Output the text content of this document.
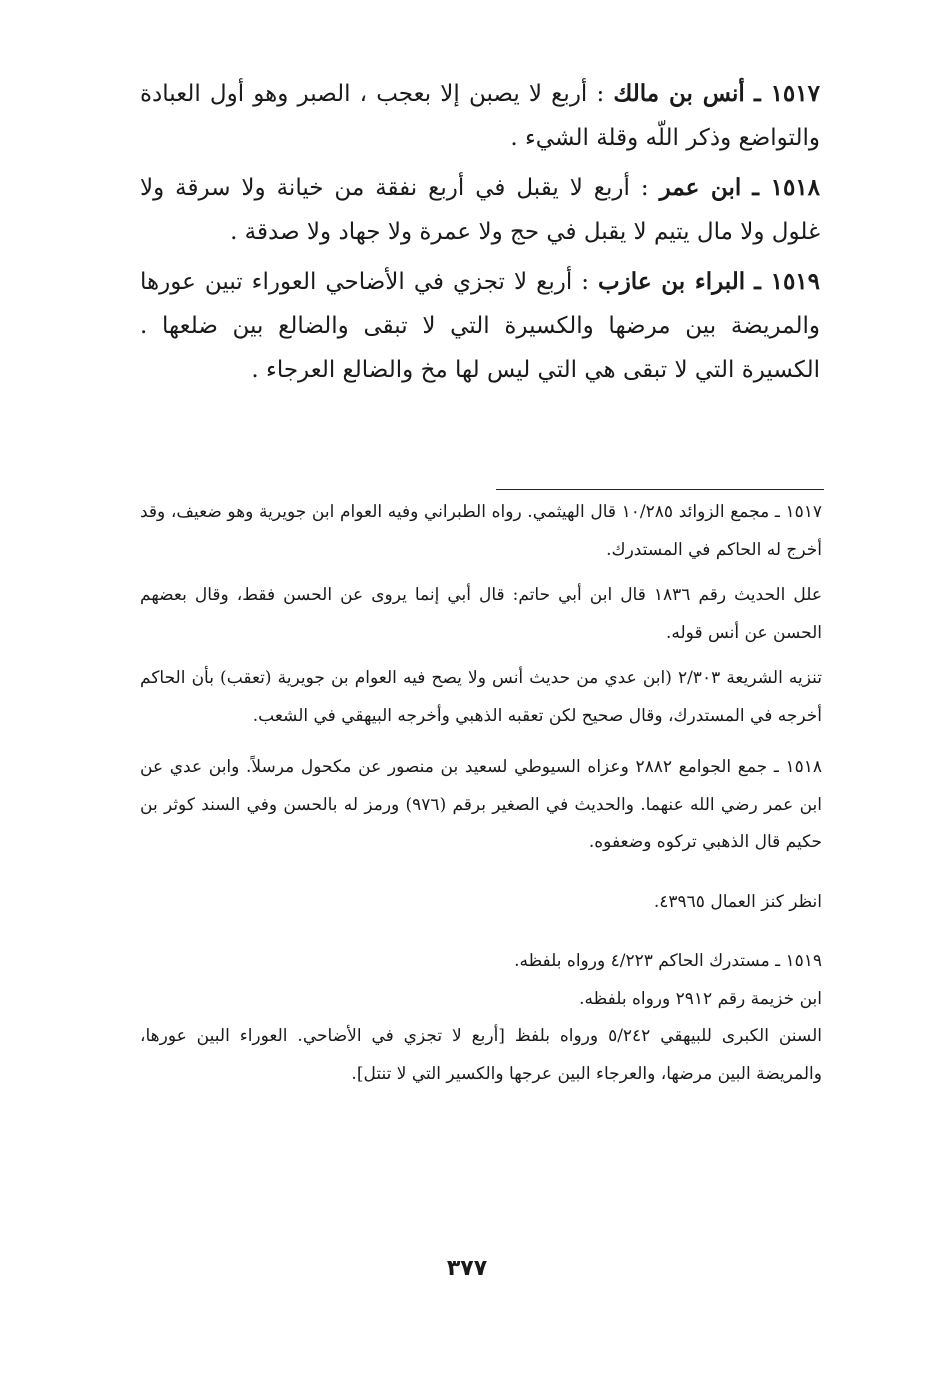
١٥١٧ ـ أنس بن مالك : أربع لا يصبن إلا بعجب ، الصبر وهو أول العبادة والتواضع وذكر اللّه وقلة الشيء .

١٥١٨ ـ ابن عمر : أربع لا يقبل في أربع نفقة من خيانة ولا سرقة ولا غلول ولا مال يتيم لا يقبل في حج ولا عمرة ولا جهاد ولا صدقة .

١٥١٩ ـ البراء بن عازب : أربع لا تجزي في الأضاحي العوراء تبين عورها والمريضة بين مرضها والكسيرة التي لا تبقى والضالع بين ضلعها . الكسيرة التي لا تبقى هي التي ليس لها مخ والضالع العرجاء .

١٥١٧ ـ مجمع الزوائد ١٠/٢٨٥ قال الهيثمي. رواه الطبراني وفيه العوام ابن جويرية وهو ضعيف، وقد أخرج له الحاكم في المستدرك.

علل الحديث رقم ١٨٣٦ قال ابن أبي حاتم: قال أبي إنما يروى عن الحسن فقط، وقال بعضهم الحسن عن أنس قوله.

تنزيه الشريعة ٢/٣٠٣ (ابن عدي من حديث أنس ولا يصح فيه العوام بن جويرية (تعقب) بأن الحاكم أخرجه في المستدرك، وقال صحيح لكن تعقبه الذهبي وأخرجه البيهقي في الشعب.

١٥١٨ ـ جمع الجوامع ٢٨٨٢ وعزاه السيوطي لسعيد بن منصور عن مكحول مرسلاً. وابن عدي عن ابن عمر رضي الله عنهما. والحديث في الصغير برقم (٩٧٦) ورمز له بالحسن وفي السند كوثر بن حكيم قال الذهبي تركوه وضعفوه.

انظر كنز العمال ٤٣٩٦٥.

١٥١٩ ـ مستدرك الحاكم ٤/٢٢٣ ورواه بلفظه.

ابن خزيمة رقم ٢٩١٢ ورواه بلفظه.

السنن الكبرى للبيهقي ٥/٢٤٢ ورواه بلفظ [أربع لا تجزي في الأضاحي. العوراء البين عورها، والمريضة البين مرضها، والعرجاء البين عرجها والكسير التي لا تنتل].

٣٧٧
